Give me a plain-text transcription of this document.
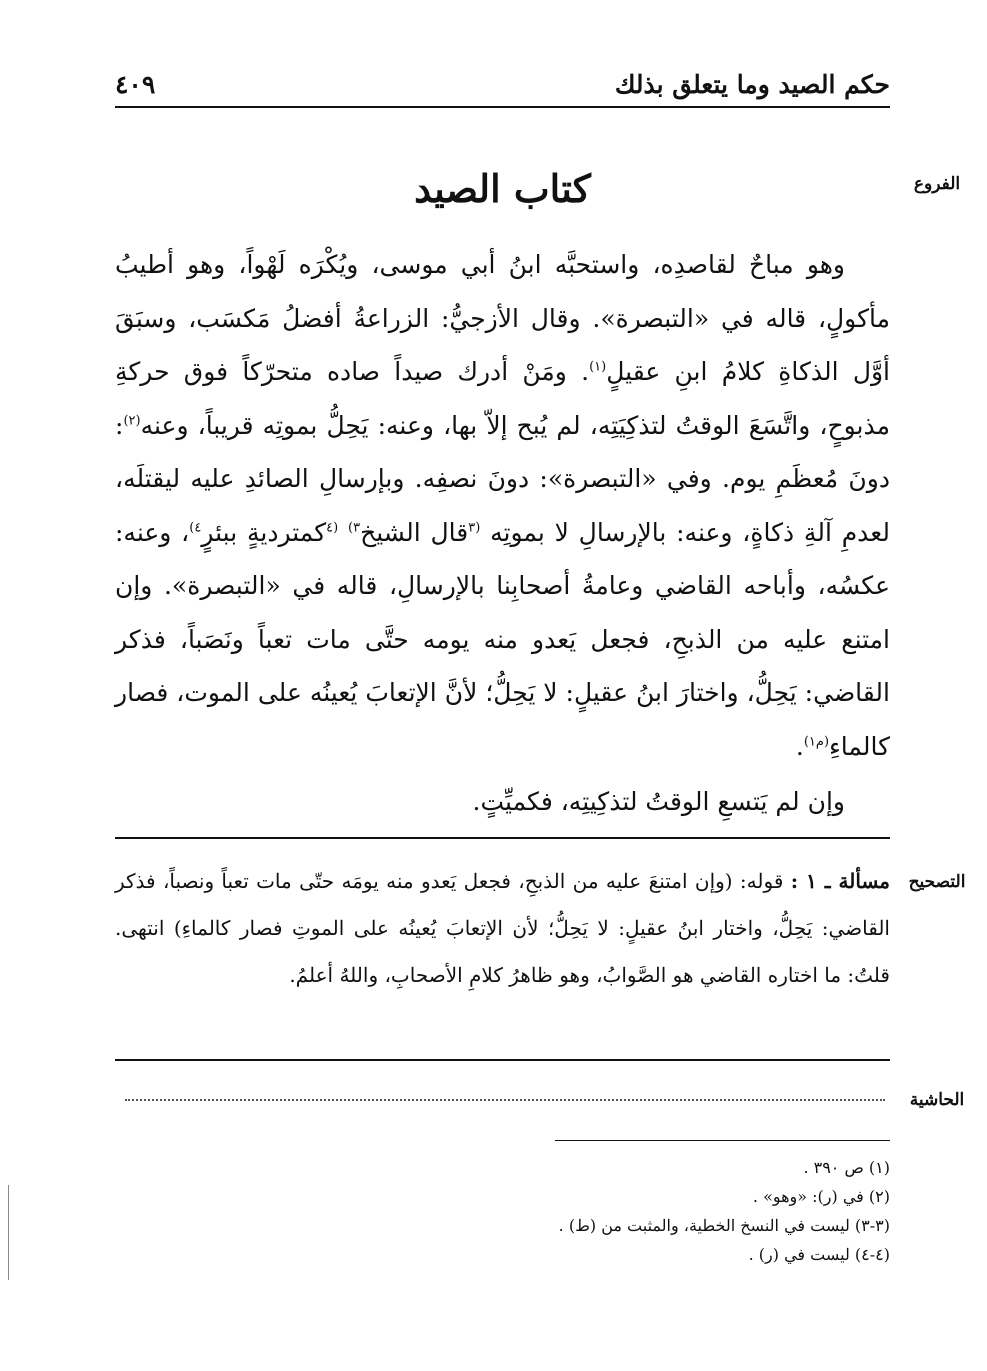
حكم الصيد وما يتعلق بذلك
٤٠٩
الفروع
كتاب الصيد

وهو مباحٌ لقاصدِه، واستحبَّه ابنُ أبي موسى، ويُكْرَه لَهْواً، وهو أطيبُ مأكولٍ، قاله في «التبصرة». وقال الأزجيُّ: الزراعةُ أفضلُ مَكسَب، وسبَقَ أوَّل الذكاةِ كلامُ ابنِ عقيلٍ$^{(١)}$. ومَنْ أدرك صيداً صاده متحرّكاً فوق حركةِ مذبوحٍ، واتَّسَعَ الوقتُ لتذكِيَتِه، لم يُبح إلاّ بها، وعنه: يَحِلُّ بموتِه قريباً، وعنه$^{(٢)}$: دونَ مُعظَمِ يوم. وفي «التبصرة»: دونَ نصفِه. وبإرسالِ الصائدِ عليه ليقتلَه، لعدمِ آلةِ ذكاةٍ، وعنه: بالإرسالِ لا بموتِه $^{(٣}$قال الشيخ$^{٣)}$ $^{(٤}$كمترديةٍ ببئرٍ$^{٤)}$، وعنه: عكسُه، وأباحه القاضي وعامةُ أصحابِنا بالإرسالِ، قاله في «التبصرة». وإن امتنع عليه من الذبحِ، فجعل يَعدو منه يومه حتَّى مات تعباً ونَصَباً، فذكر القاضي: يَحِلُّ، واختارَ ابنُ عقيلٍ: لا يَحِلُّ؛ لأنَّ الإتعابَ يُعينُه على الموت، فصار كالماءِ$^{(م١)}$.

وإن لم يَتسعِ الوقتُ لتذكِيتِه، فكميِّتٍ.

التصحيح
مسألة ـ ١ : قوله: (وإن امتنعَ عليه من الذبحِ، فجعل يَعدو منه يومَه حتّى مات تعباً ونصباً، فذكر القاضي: يَحِلُّ، واختار ابنُ عقيلٍ: لا يَحِلُّ؛ لأن الإتعابَ يُعينُه على الموتِ فصار كالماءِ) انتهى. قلتُ: ما اختاره القاضي هو الصَّوابُ، وهو ظاهرُ كلامِ الأصحابِ، واللهُ أعلمُ.
الحاشية
(١) ص ٣٩٠ .
(٢) في (ر): «وهو» .
(٣-٣) ليست في النسخ الخطية، والمثبت من (ط) .
(٤-٤) ليست في (ر) .
